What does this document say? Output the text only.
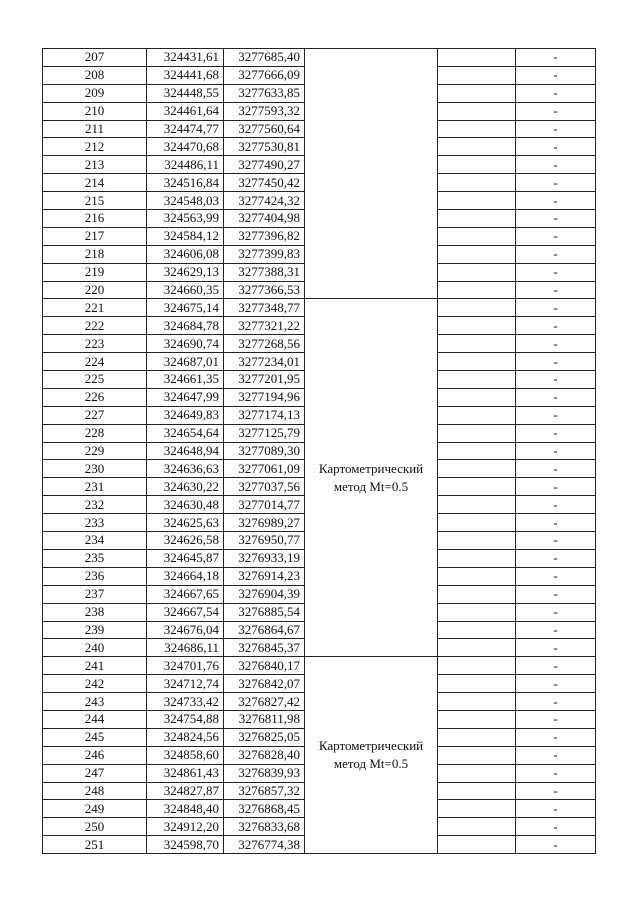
207	324431,61	3277685,40			-
208	324441,68	3277666,09			-
209	324448,55	3277633,85			-
210	324461,64	3277593,32			-
211	324474,77	3277560,64			-
212	324470,68	3277530,81			-
213	324486,11	3277490,27			-
214	324516,84	3277450,42			-
215	324548,03	3277424,32			-
216	324563,99	3277404,98			-
217	324584,12	3277396,82			-
218	324606,08	3277399,83			-
219	324629,13	3277388,31			-
220	324660,35	3277366,53			-
221	324675,14	3277348,77	Картометрический метод Mt=0.5		-
222	324684,78	3277321,22			-
223	324690,74	3277268,56			-
224	324687,01	3277234,01			-
225	324661,35	3277201,95			-
226	324647,99	3277194,96			-
227	324649,83	3277174,13			-
228	324654,64	3277125,79			-
229	324648,94	3277089,30			-
230	324636,63	3277061,09			-
231	324630,22	3277037,56			-
232	324630,48	3277014,77			-
233	324625,63	3276989,27			-
234	324626,58	3276950,77			-
235	324645,87	3276933,19			-
236	324664,18	3276914,23			-
237	324667,65	3276904,39			-
238	324667,54	3276885,54			-
239	324676,04	3276864,67			-
240	324686,11	3276845,37			-
241	324701,76	3276840,17	Картометрический метод Mt=0.5		-
242	324712,74	3276842,07			-
243	324733,42	3276827,42			-
244	324754,88	3276811,98			-
245	324824,56	3276825,05			-
246	324858,60	3276828,40			-
247	324861,43	3276839,93			-
248	324827,87	3276857,32			-
249	324848,40	3276868,45			-
250	324912,20	3276833,68			-
251	324598,70	3276774,38			-
